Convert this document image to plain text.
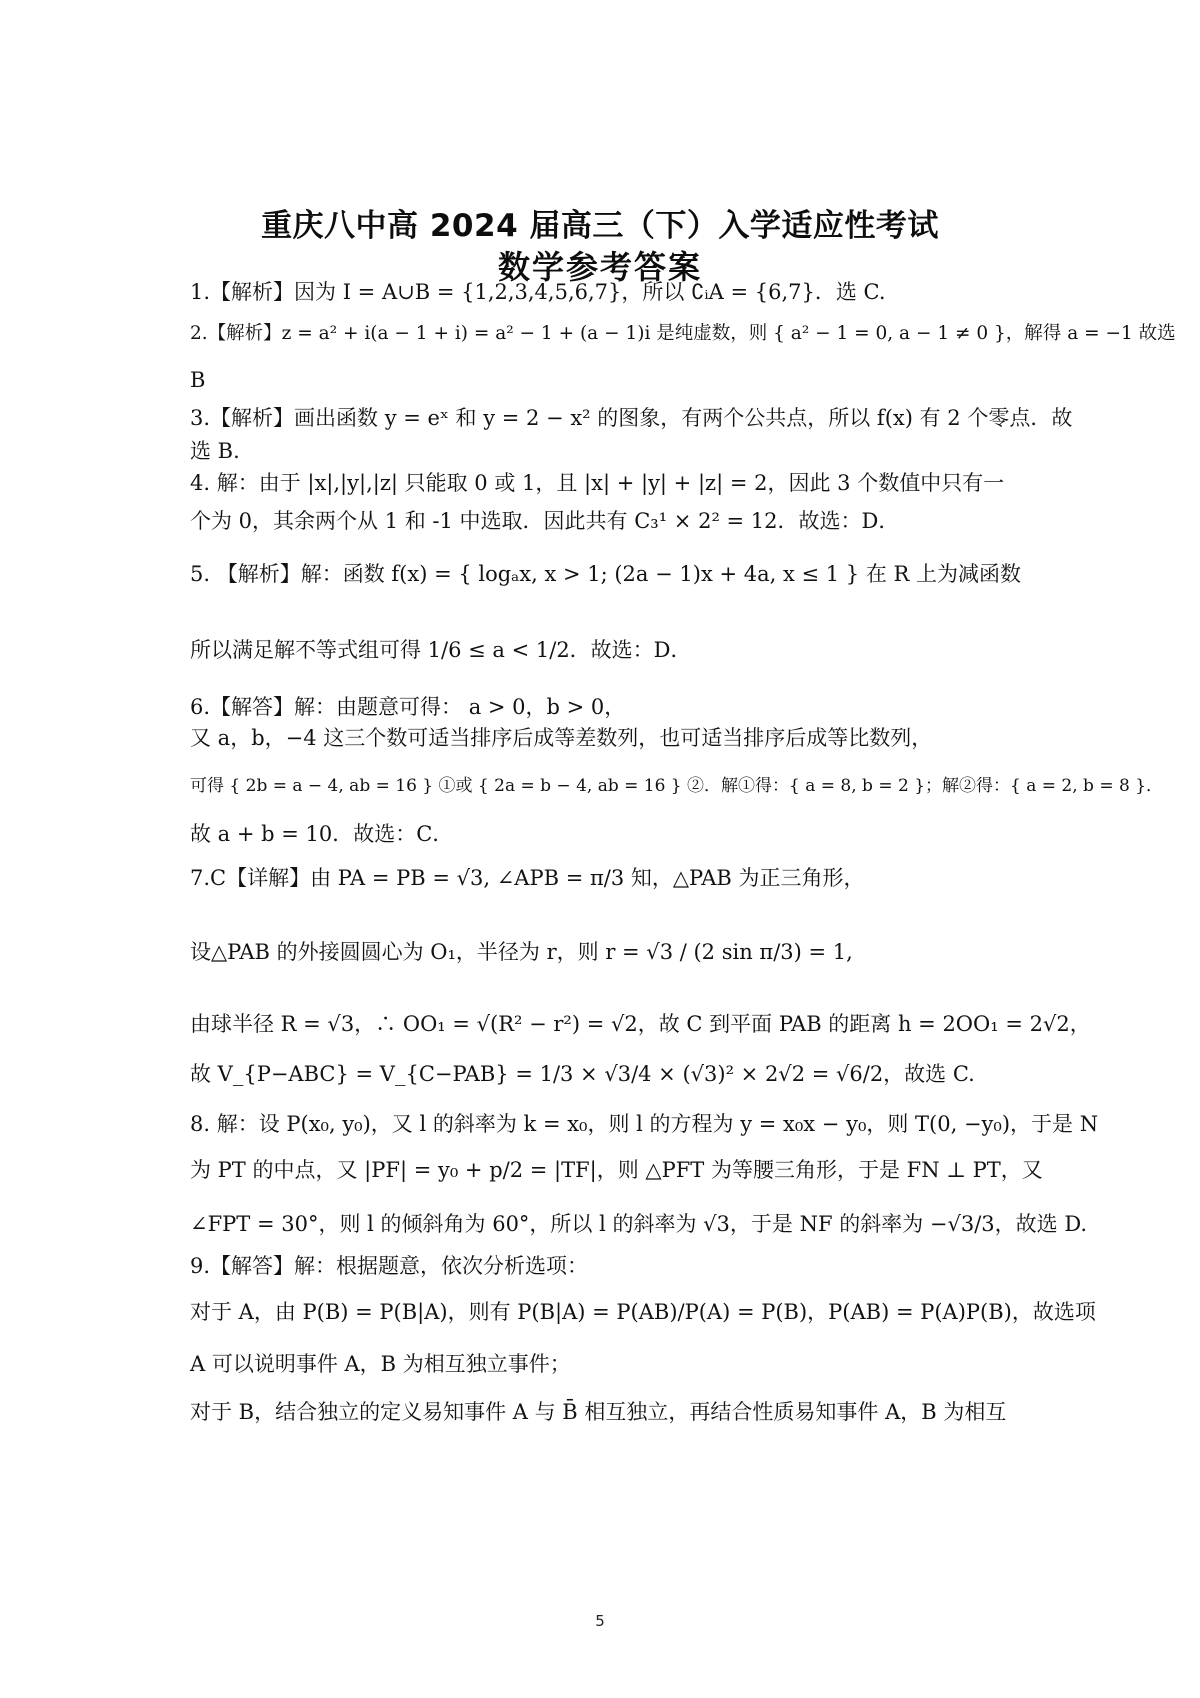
重庆八中高 2024 届高三（下）入学适应性考试
数学参考答案
1.【解析】因为 I = A∪B = {1,2,3,4,5,6,7}，所以 ∁ᵢA = {6,7}．选 C.
2.【解析】z = a² + i(a − 1 + i) = a² − 1 + (a − 1)i 是纯虚数，则 { a² − 1 = 0, a − 1 ≠ 0 }，解得 a = −1 故选
B
3.【解析】画出函数 y = eˣ 和 y = 2 − x² 的图象，有两个公共点，所以 f(x) 有 2 个零点．故
选 B.
4. 解：由于 |x|,|y|,|z| 只能取 0 或 1，且 |x| + |y| + |z| = 2，因此 3 个数值中只有一
个为 0，其余两个从 1 和 -1 中选取．因此共有 C₃¹ × 2² = 12．故选：D．
5. 【解析】解：函数 f(x) = { logₐx, x > 1; (2a − 1)x + 4a, x ≤ 1 } 在 R 上为减函数
所以满足解不等式组可得 1/6 ≤ a < 1/2．故选：D．
6.【解答】解：由题意可得： a > 0，b > 0，
又 a，b，−4 这三个数可适当排序后成等差数列，也可适当排序后成等比数列，
可得 { 2b = a − 4, ab = 16 } ①或 { 2a = b − 4, ab = 16 } ②．解①得：{ a = 8, b = 2 }；解②得：{ a = 2, b = 8 }．
故 a + b = 10．故选：C．
7.C【详解】由 PA = PB = √3, ∠APB = π/3 知，△PAB 为正三角形，
设△PAB 的外接圆圆心为 O₁，半径为 r，则 r = √3 / (2 sin π/3) = 1,
由球半径 R = √3，∴ OO₁ = √(R² − r²) = √2，故 C 到平面 PAB 的距离 h = 2OO₁ = 2√2，
故 V_{P−ABC} = V_{C−PAB} = 1/3 × √3/4 × (√3)² × 2√2 = √6/2，故选 C.
8. 解：设 P(x₀, y₀)，又 l 的斜率为 k = x₀，则 l 的方程为 y = x₀x − y₀，则 T(0, −y₀)，于是 N
为 PT 的中点，又 |PF| = y₀ + p/2 = |TF|，则 △PFT 为等腰三角形，于是 FN ⊥ PT，又
∠FPT = 30°，则 l 的倾斜角为 60°，所以 l 的斜率为 √3，于是 NF 的斜率为 −√3/3，故选 D.
9.【解答】解：根据题意，依次分析选项：
对于 A，由 P(B) = P(B|A)，则有 P(B|A) = P(AB)/P(A) = P(B)，P(AB) = P(A)P(B)，故选项
A 可以说明事件 A，B 为相互独立事件；
对于 B，结合独立的定义易知事件 A 与 B̄ 相互独立，再结合性质易知事件 A，B 为相互
5
